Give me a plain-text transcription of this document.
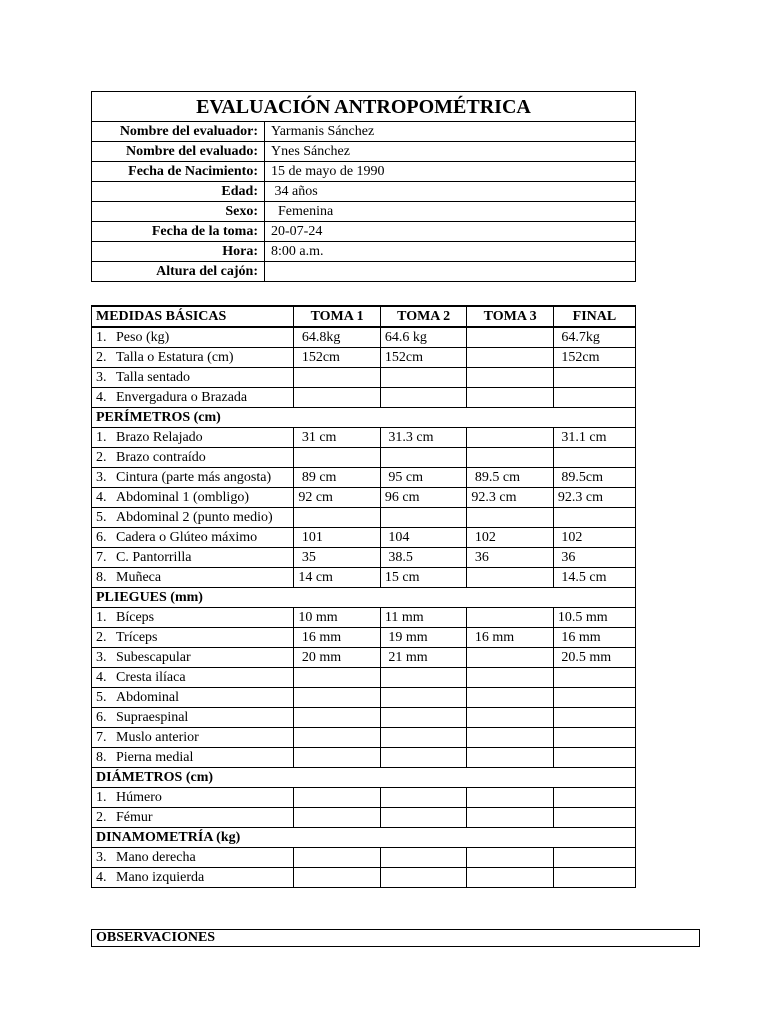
EVALUACIÓN ANTROPOMÉTRICA	
Nombre del evaluador:	Yarmanis Sánchez
Nombre del evaluado:	Ynes Sánchez
Fecha de Nacimiento:	15 de mayo de 1990
Edad:	34 años
Sexo:	Femenina
Fecha de la toma:	20-07-24
Hora:	8:00 a.m.
Altura del cajón:	
MEDIDAS BÁSICAS	TOMA 1	TOMA 2	TOMA 3	FINAL
1. Peso (kg)	64.8kg	64.6 kg		64.7kg
2. Talla o Estatura (cm)	152cm	152cm		152cm
3. Talla sentado				
4. Envergadura o Brazada				
PERÍMETROS (cm)				
1. Brazo Relajado	31 cm	31.3 cm		31.1 cm
2. Brazo contraído				
3. Cintura (parte más angosta)	89 cm	95 cm	89.5 cm	89.5cm
4. Abdominal 1 (ombligo)	92 cm	96 cm	92.3 cm	92.3 cm
5. Abdominal 2 (punto medio)				
6. Cadera o Glúteo máximo	101	104	102	102
7. C. Pantorrilla	35	38.5	36	36
8. Muñeca	14 cm	15 cm		14.5 cm
PLIEGUES (mm)				
1. Bíceps	10 mm	11 mm		10.5 mm
2. Tríceps	16 mm	19 mm	16 mm	16 mm
3. Subescapular	20 mm	21 mm		20.5 mm
4. Cresta ilíaca				
5. Abdominal				
6. Supraespinal				
7. Muslo anterior				
8. Pierna medial				
DIÁMETROS (cm)				
1. Húmero				
2. Fémur				
DINAMOMETRÍA (kg)				
3. Mano derecha				
4. Mano izquierda				
OBSERVACIONES
